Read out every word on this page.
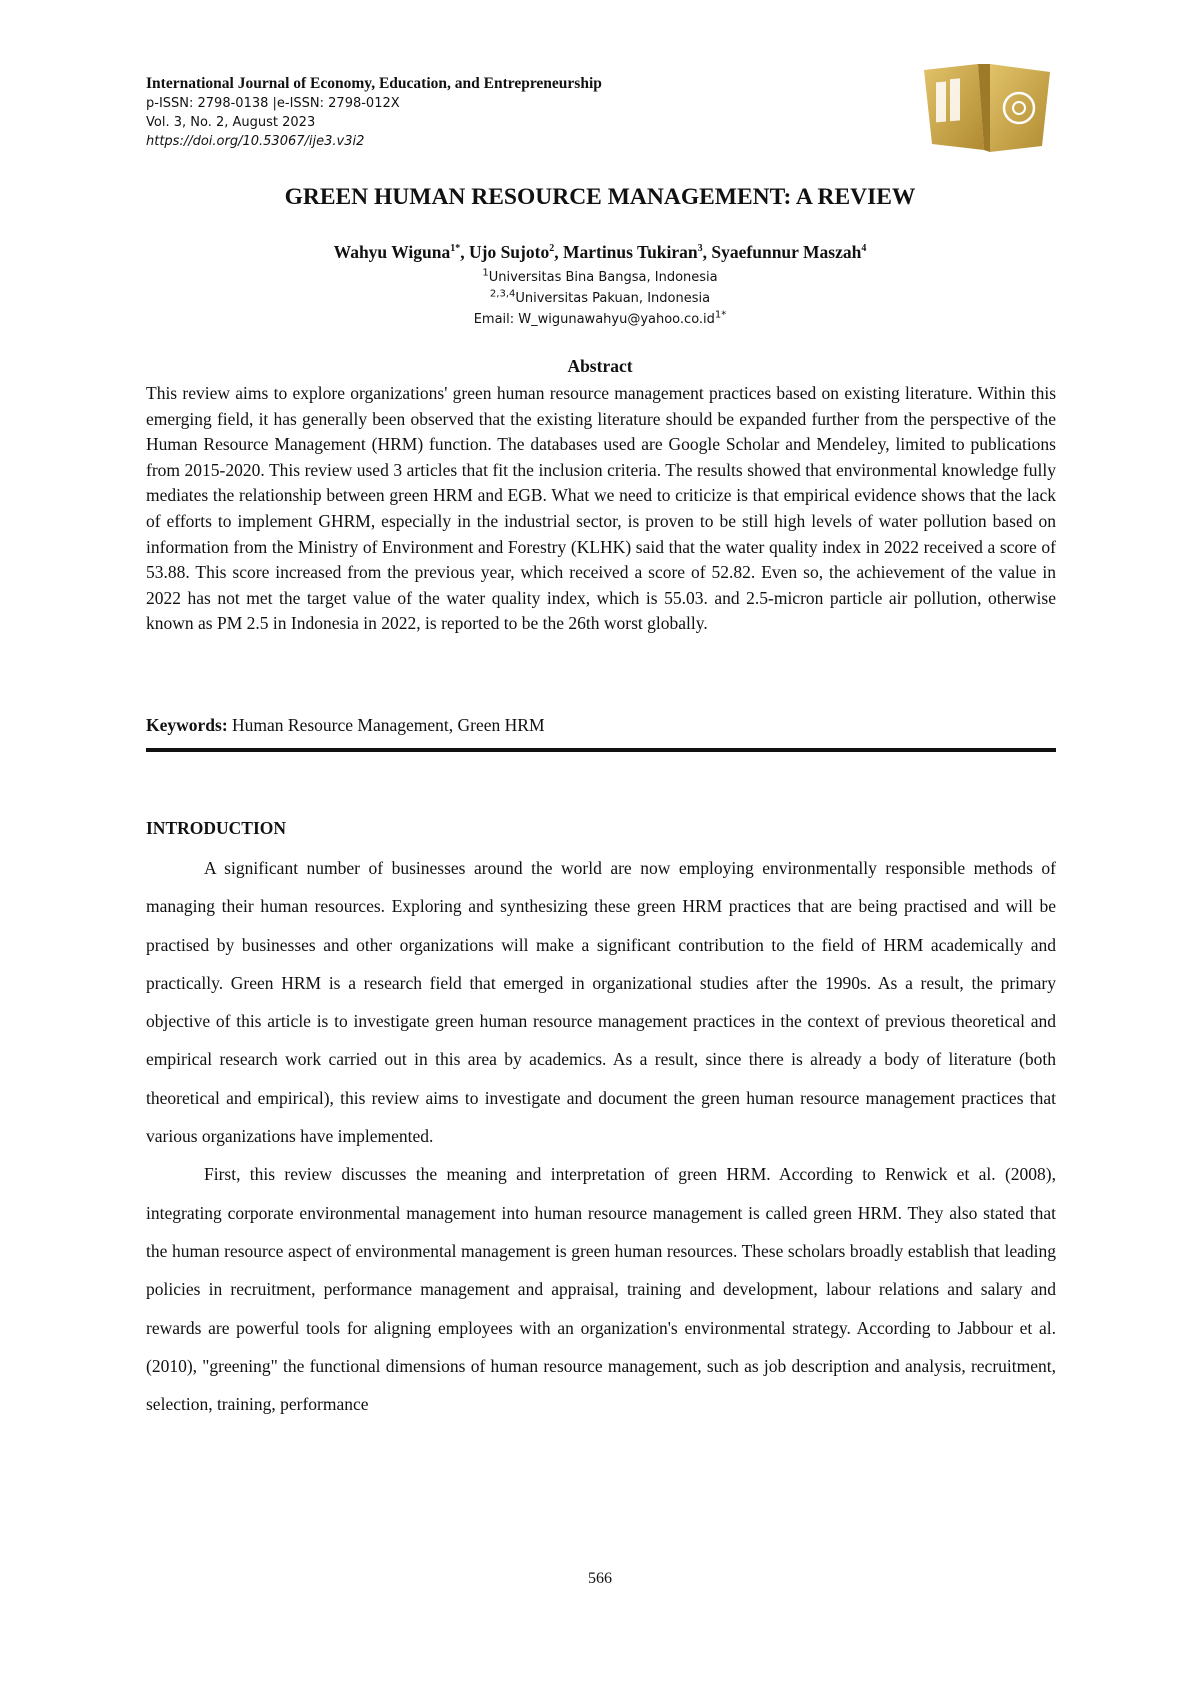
International Journal of Economy, Education, and Entrepreneurship
p-ISSN: 2798-0138 |e-ISSN: 2798-012X
Vol. 3, No. 2, August 2023
https://doi.org/10.53067/ije3.v3i2
GREEN HUMAN RESOURCE MANAGEMENT: A REVIEW
Wahyu Wiguna$^{1*}$, Ujo Sujoto$^2$, Martinus Tukiran$^3$, Syaefunnur Maszah$^4$
$^1$Universitas Bina Bangsa, Indonesia
$^{2,3,4}$Universitas Pakuan, Indonesia
Email: $W\_wigunawahyu@yahoo.co.id^{1*}$
Abstract
This review aims to explore organizations' green human resource management practices based on existing literature. Within this emerging field, it has generally been observed that the existing literature should be expanded further from the perspective of the Human Resource Management (HRM) function. The databases used are Google Scholar and Mendeley, limited to publications from 2015-2020. This review used 3 articles that fit the inclusion criteria. The results showed that environmental knowledge fully mediates the relationship between green HRM and EGB. What we need to criticize is that empirical evidence shows that the lack of efforts to implement GHRM, especially in the industrial sector, is proven to be still high levels of water pollution based on information from the Ministry of Environment and Forestry (KLHK) said that the water quality index in 2022 received a score of 53.88. This score increased from the previous year, which received a score of 52.82. Even so, the achievement of the value in 2022 has not met the target value of the water quality index, which is 55.03. and 2.5-micron particle air pollution, otherwise known as PM 2.5 in Indonesia in 2022, is reported to be the 26th worst globally.
Keywords: Human Resource Management, Green HRM
INTRODUCTION

A significant number of businesses around the world are now employing environmentally responsible methods of managing their human resources. Exploring and synthesizing these green HRM practices that are being practised and will be practised by businesses and other organizations will make a significant contribution to the field of HRM academically and practically. Green HRM is a research field that emerged in organizational studies after the 1990s. As a result, the primary objective of this article is to investigate green human resource management practices in the context of previous theoretical and empirical research work carried out in this area by academics. As a result, since there is already a body of literature (both theoretical and empirical), this review aims to investigate and document the green human resource management practices that various organizations have implemented.

First, this review discusses the meaning and interpretation of green HRM. According to Renwick et al. (2008), integrating corporate environmental management into human resource management is called green HRM. They also stated that the human resource aspect of environmental management is green human resources. These scholars broadly establish that leading policies in recruitment, performance management and appraisal, training and development, labour relations and salary and rewards are powerful tools for aligning employees with an organization's environmental strategy. According to Jabbour et al. (2010), "greening" the functional dimensions of human resource management, such as job description and analysis, recruitment, selection, training, performance

566
